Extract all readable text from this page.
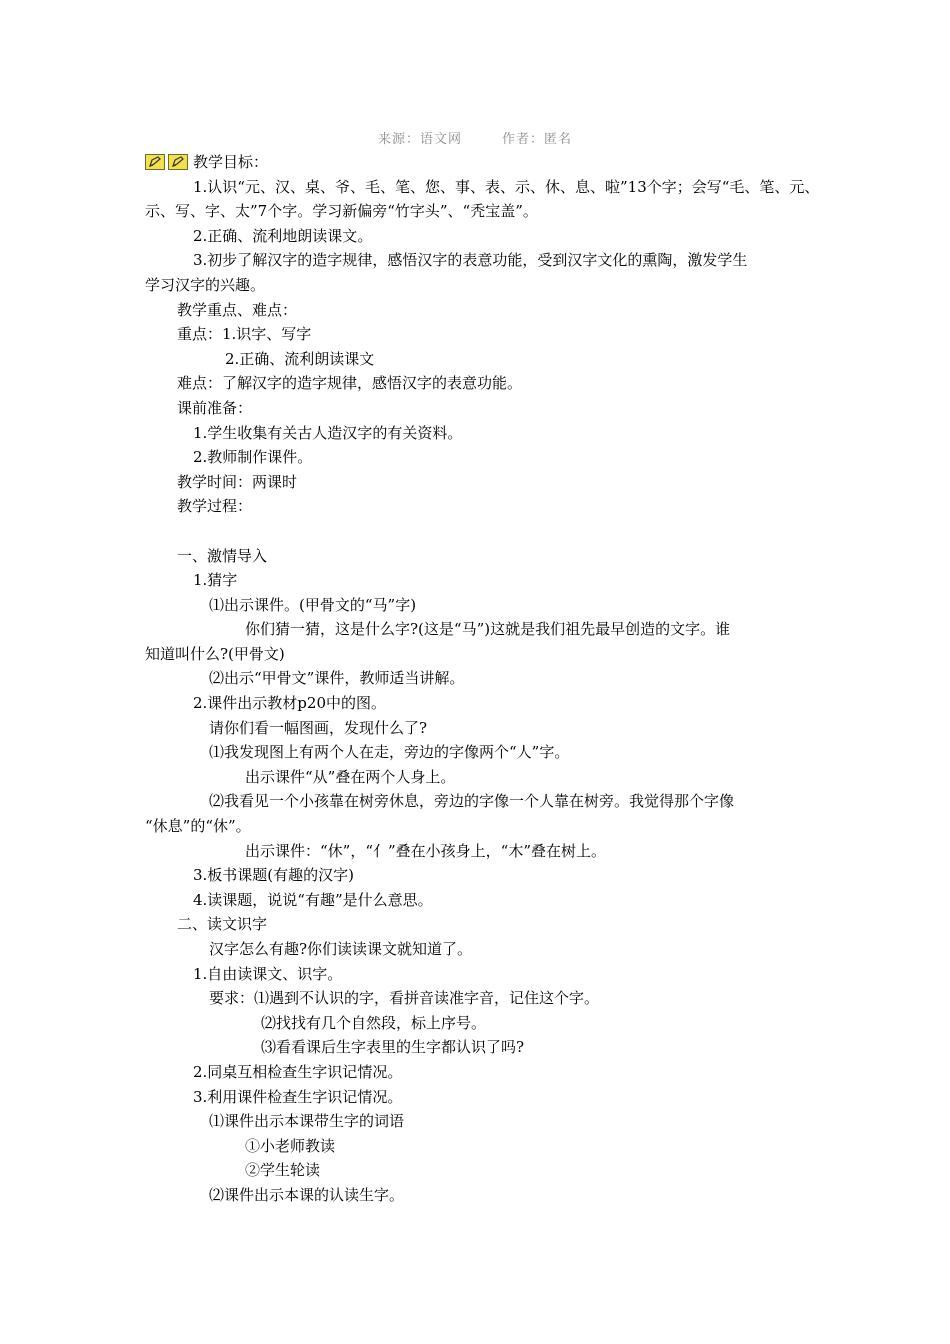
来源：语文网	作者：匿名
教学目标：
1.认识“元、汉、桌、爷、毛、笔、您、事、表、示、休、息、啦”13个字；会写“毛、笔、元、
示、写、字、太”7个字。学习新偏旁“竹字头”、“秃宝盖”。
2.正确、流利地朗读课文。
3.初步了解汉字的造字规律，感悟汉字的表意功能，受到汉字文化的熏陶，激发学生
学习汉字的兴趣。
教学重点、难点：
重点：1.识字、写字
2.正确、流利朗读课文
难点：了解汉字的造字规律，感悟汉字的表意功能。
课前准备：
1.学生收集有关古人造汉字的有关资料。
2.教师制作课件。
教学时间：两课时
教学过程：
一、激情导入
1.猜字
⑴出示课件。(甲骨文的“马”字)
你们猜一猜，这是什么字?(这是“马”)这就是我们祖先最早创造的文字。谁
知道叫什么?(甲骨文)
⑵出示“甲骨文”课件，教师适当讲解。
2.课件出示教材p20中的图。
请你们看一幅图画，发现什么了?
⑴我发现图上有两个人在走，旁边的字像两个“人”字。
出示课件“从”叠在两个人身上。
⑵我看见一个小孩靠在树旁休息，旁边的字像一个人靠在树旁。我觉得那个字像
“休息”的“休”。
出示课件：“休”，“亻”叠在小孩身上，“木”叠在树上。
3.板书课题(有趣的汉字)
4.读课题，说说“有趣”是什么意思。
二、读文识字
汉字怎么有趣?你们读读课文就知道了。
1.自由读课文、识字。
要求：⑴遇到不认识的字，看拼音读准字音，记住这个字。
⑵找找有几个自然段，标上序号。
⑶看看课后生字表里的生字都认识了吗?
2.同桌互相检查生字识记情况。
3.利用课件检查生字识记情况。
⑴课件出示本课带生字的词语
①小老师教读
②学生轮读
⑵课件出示本课的认读生字。
